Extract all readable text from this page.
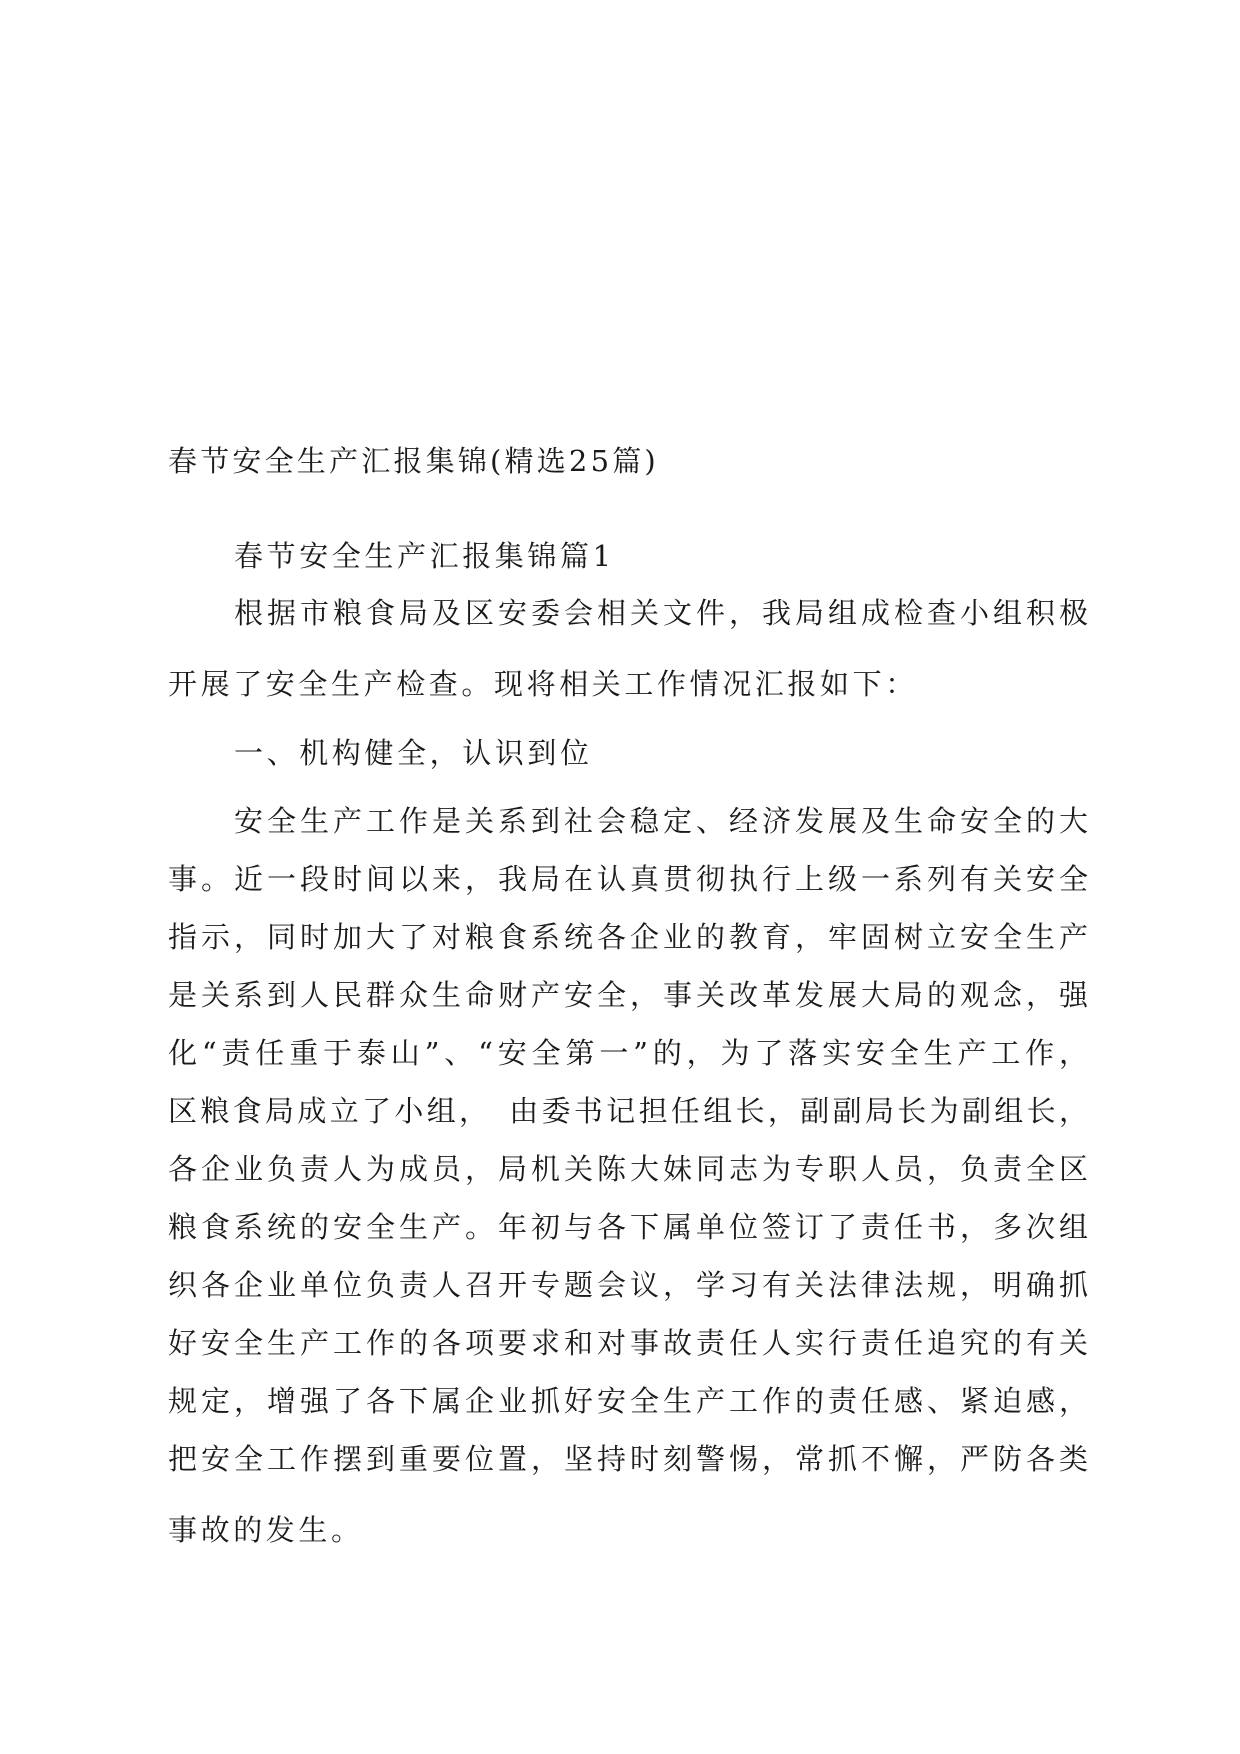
春节安全生产汇报集锦(精选25篇)

春节安全生产汇报集锦篇1

根据市粮食局及区安委会相关文件，我局组成检查小组积极

开展了安全生产检查。现将相关工作情况汇报如下：

一、机构健全，认识到位

安全生产工作是关系到社会稳定、经济发展及生命安全的大

事。近一段时间以来，我局在认真贯彻执行上级一系列有关安全

指示，同时加大了对粮食系统各企业的教育，牢固树立安全生产

是关系到人民群众生命财产安全，事关改革发展大局的观念，强

化“责任重于泰山”、“安全第一”的，为了落实安全生产工作，

区粮食局成立了小组，　由委书记担任组长，副副局长为副组长，

各企业负责人为成员，局机关陈大妹同志为专职人员，负责全区

粮食系统的安全生产。年初与各下属单位签订了责任书，多次组

织各企业单位负责人召开专题会议，学习有关法律法规，明确抓

好安全生产工作的各项要求和对事故责任人实行责任追究的有关

规定，增强了各下属企业抓好安全生产工作的责任感、紧迫感，

把安全工作摆到重要位置，坚持时刻警惕，常抓不懈，严防各类

事故的发生。
